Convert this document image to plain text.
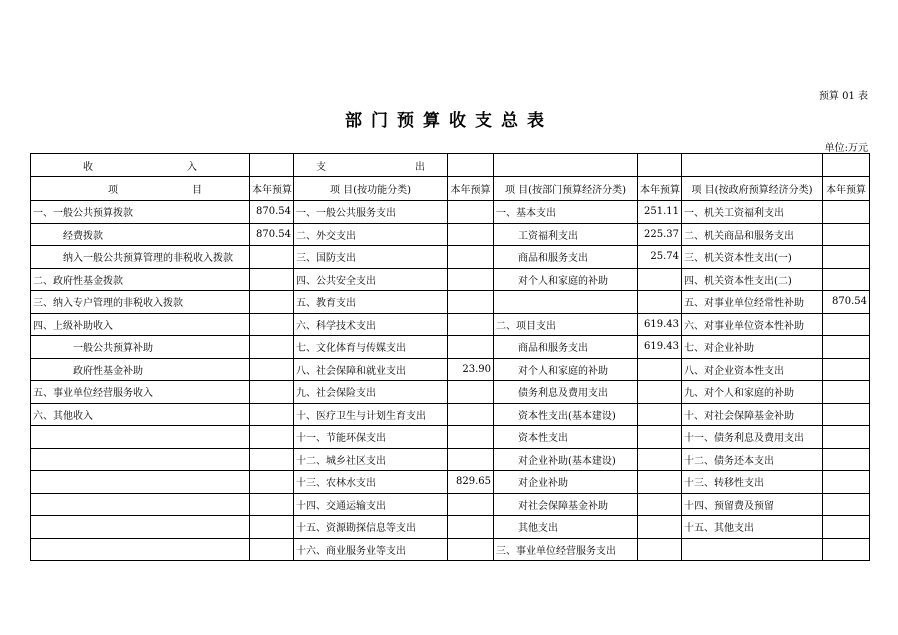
预算 01 表
部门预算收支总表
单位:万元
收 入		支 出					

项 目	本年预算	项 目(按功能分类)	本年预算	项 目(按部门预算经济分类)	本年预算	项 目(按政府预算经济分类)	本年预算
一、一般公共预算拨款	870.54	一、一般公共服务支出		一、基本支出	251.11	一、机关工资福利支出	
经费拨款	870.54	二、外交支出		工资福利支出	225.37	二、机关商品和服务支出	
纳入一般公共预算管理的非税收入拨款		三、国防支出		商品和服务支出	25.74	三、机关资本性支出(一)	
二、政府性基金拨款		四、公共安全支出		对个人和家庭的补助		四、机关资本性支出(二)	
三、纳入专户管理的非税收入拨款		五、教育支出				五、对事业单位经常性补助	870.54
四、上级补助收入		六、科学技术支出		二、项目支出	619.43	六、对事业单位资本性补助	
一般公共预算补助		七、文化体育与传媒支出		商品和服务支出	619.43	七、对企业补助	
政府性基金补助		八、社会保障和就业支出	23.90	对个人和家庭的补助		八、对企业资本性支出	
五、事业单位经营服务收入		九、社会保险支出		债务利息及费用支出		九、对个人和家庭的补助	
六、其他收入		十、医疗卫生与计划生育支出		资本性支出(基本建设)		十、对社会保障基金补助	
		十一、节能环保支出		资本性支出		十一、债务利息及费用支出	
		十二、城乡社区支出		对企业补助(基本建设)		十二、债务还本支出	
		十三、农林水支出	829.65	对企业补助		十三、转移性支出	
		十四、交通运输支出		对社会保障基金补助		十四、预留费及预留	
		十五、资源勘探信息等支出		其他支出		十五、其他支出	
		十六、商业服务业等支出		三、事业单位经营服务支出			
